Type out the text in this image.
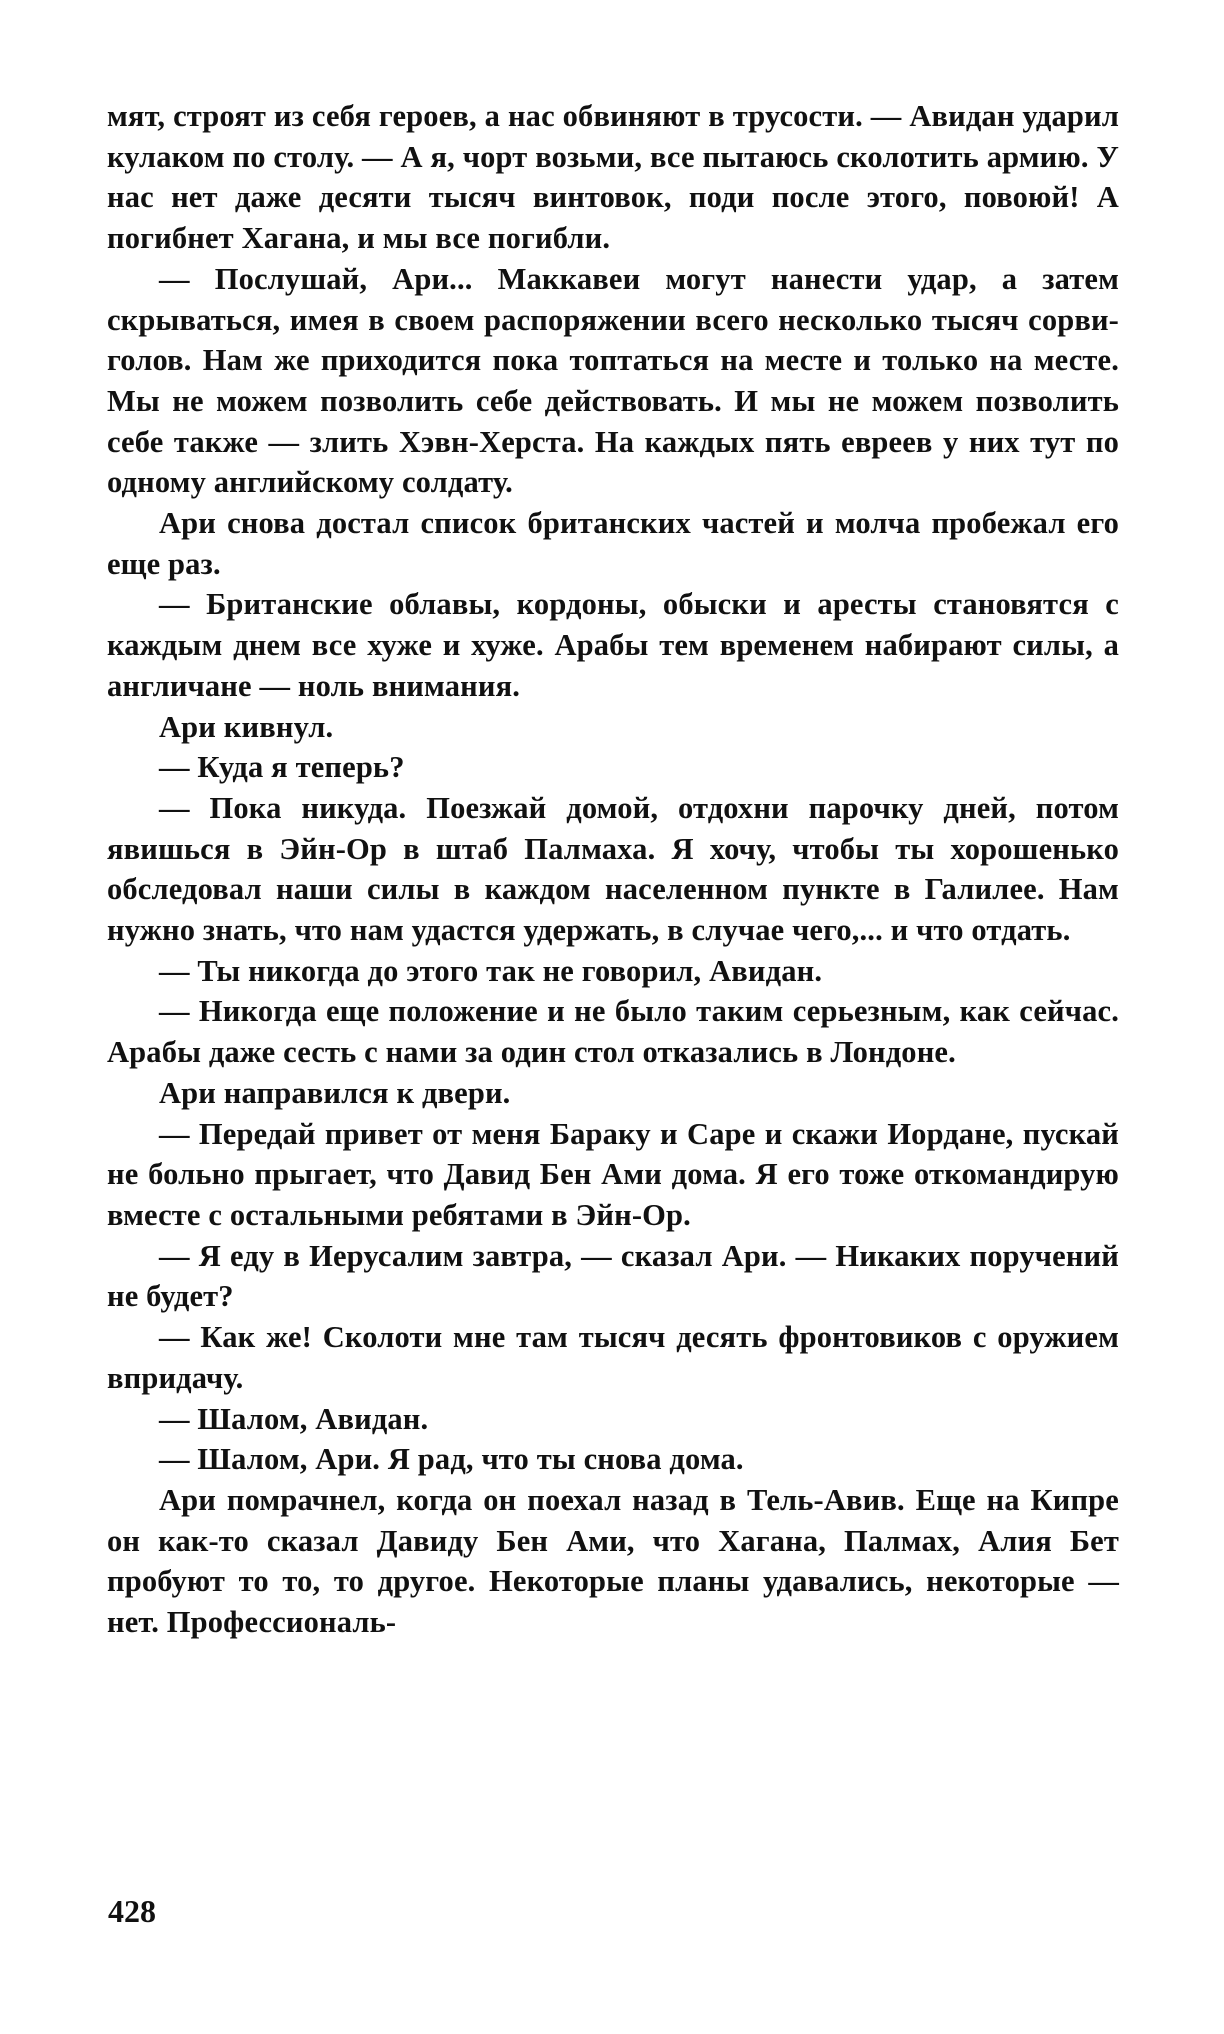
мят, строят из себя героев, а нас обвиняют в трусости. — Авидан ударил кулаком по столу. — А я, чорт возьми, все пытаюсь сколотить армию. У нас нет даже десяти тысяч винтовок, поди после этого, повоюй! А погибнет Хагана, и мы все погибли.

— Послушай, Ари... Маккавеи могут нанести удар, а затем скрываться, имея в своем распоряжении всего несколько тысяч сорви-голов. Нам же приходится пока топтаться на месте и только на месте. Мы не можем позволить себе действовать. И мы не можем позволить себе также — злить Хэвн-Херста. На каждых пять евреев у них тут по одному английскому солдату.

Ари снова достал список британских частей и молча пробежал его еще раз.

— Британские облавы, кордоны, обыски и аресты становятся с каждым днем все хуже и хуже. Арабы тем временем набирают силы, а англичане — ноль внимания.

Ари кивнул.

— Куда я теперь?

— Пока никуда. Поезжай домой, отдохни парочку дней, потом явишься в Эйн-Ор в штаб Палмаха. Я хочу, чтобы ты хорошенько обследовал наши силы в каждом населенном пункте в Галилее. Нам нужно знать, что нам удастся удержать, в случае чего,... и что отдать.

— Ты никогда до этого так не говорил, Авидан.

— Никогда еще положение и не было таким серьезным, как сейчас. Арабы даже сесть с нами за один стол отказались в Лондоне.

Ари направился к двери.

— Передай привет от меня Бараку и Саре и скажи Иордане, пускай не больно прыгает, что Давид Бен Ами дома. Я его тоже откомандирую вместе с остальными ребятами в Эйн-Ор.

— Я еду в Иерусалим завтра, — сказал Ари. — Никаких поручений не будет?

— Как же! Сколоти мне там тысяч десять фронтовиков с оружием впридачу.

— Шалом, Авидан.

— Шалом, Ари. Я рад, что ты снова дома.

Ари помрачнел, когда он поехал назад в Тель-Авив. Еще на Кипре он как-то сказал Давиду Бен Ами, что Хагана, Палмах, Алия Бет пробуют то то, то другое. Некоторые планы удавались, некоторые — нет. Профессиональ-

428
